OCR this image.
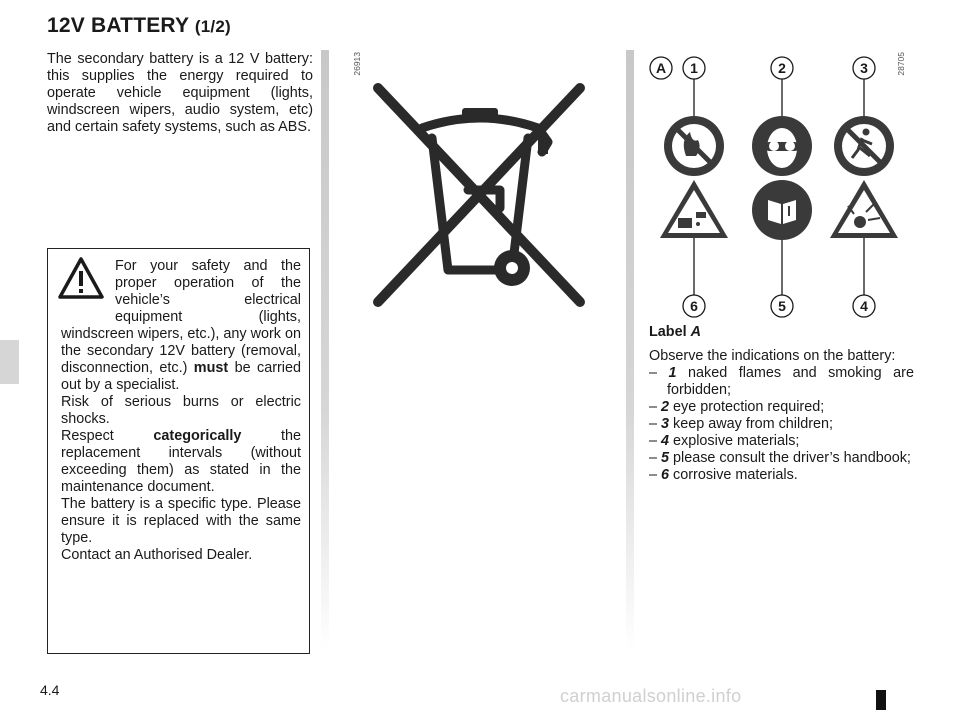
12V BATTERY (1/2)
The secondary battery is a 12 V battery: this supplies the energy required to operate vehicle equipment (lights, windscreen wipers, audio system, etc) and certain safety systems, such as ABS.

For your safety and the proper operation of the vehicle’s electrical equipment (lights, windscreen wipers, etc.), any work on the secondary 12V battery (removal, disconnection, etc.) must be carried out by a specialist.

Risk of serious burns or electric shocks.

Respect categorically the replacement intervals (without exceeding them) as stated in the maintenance document.

The battery is a specific type. Please ensure it is replaced with the same type.

Contact an Authorised Dealer.

26913	28705
A 1	2	3
6	5	4

Label A

Observe the indications on the battery:

– 1 naked flames and smoking are forbidden;
– 2 eye protection required;
– 3 keep away from children;
– 4 explosive materials;
– 5 please consult the driver’s handbook;
– 6 corrosive materials.
4.4	carmanualsonline.info
